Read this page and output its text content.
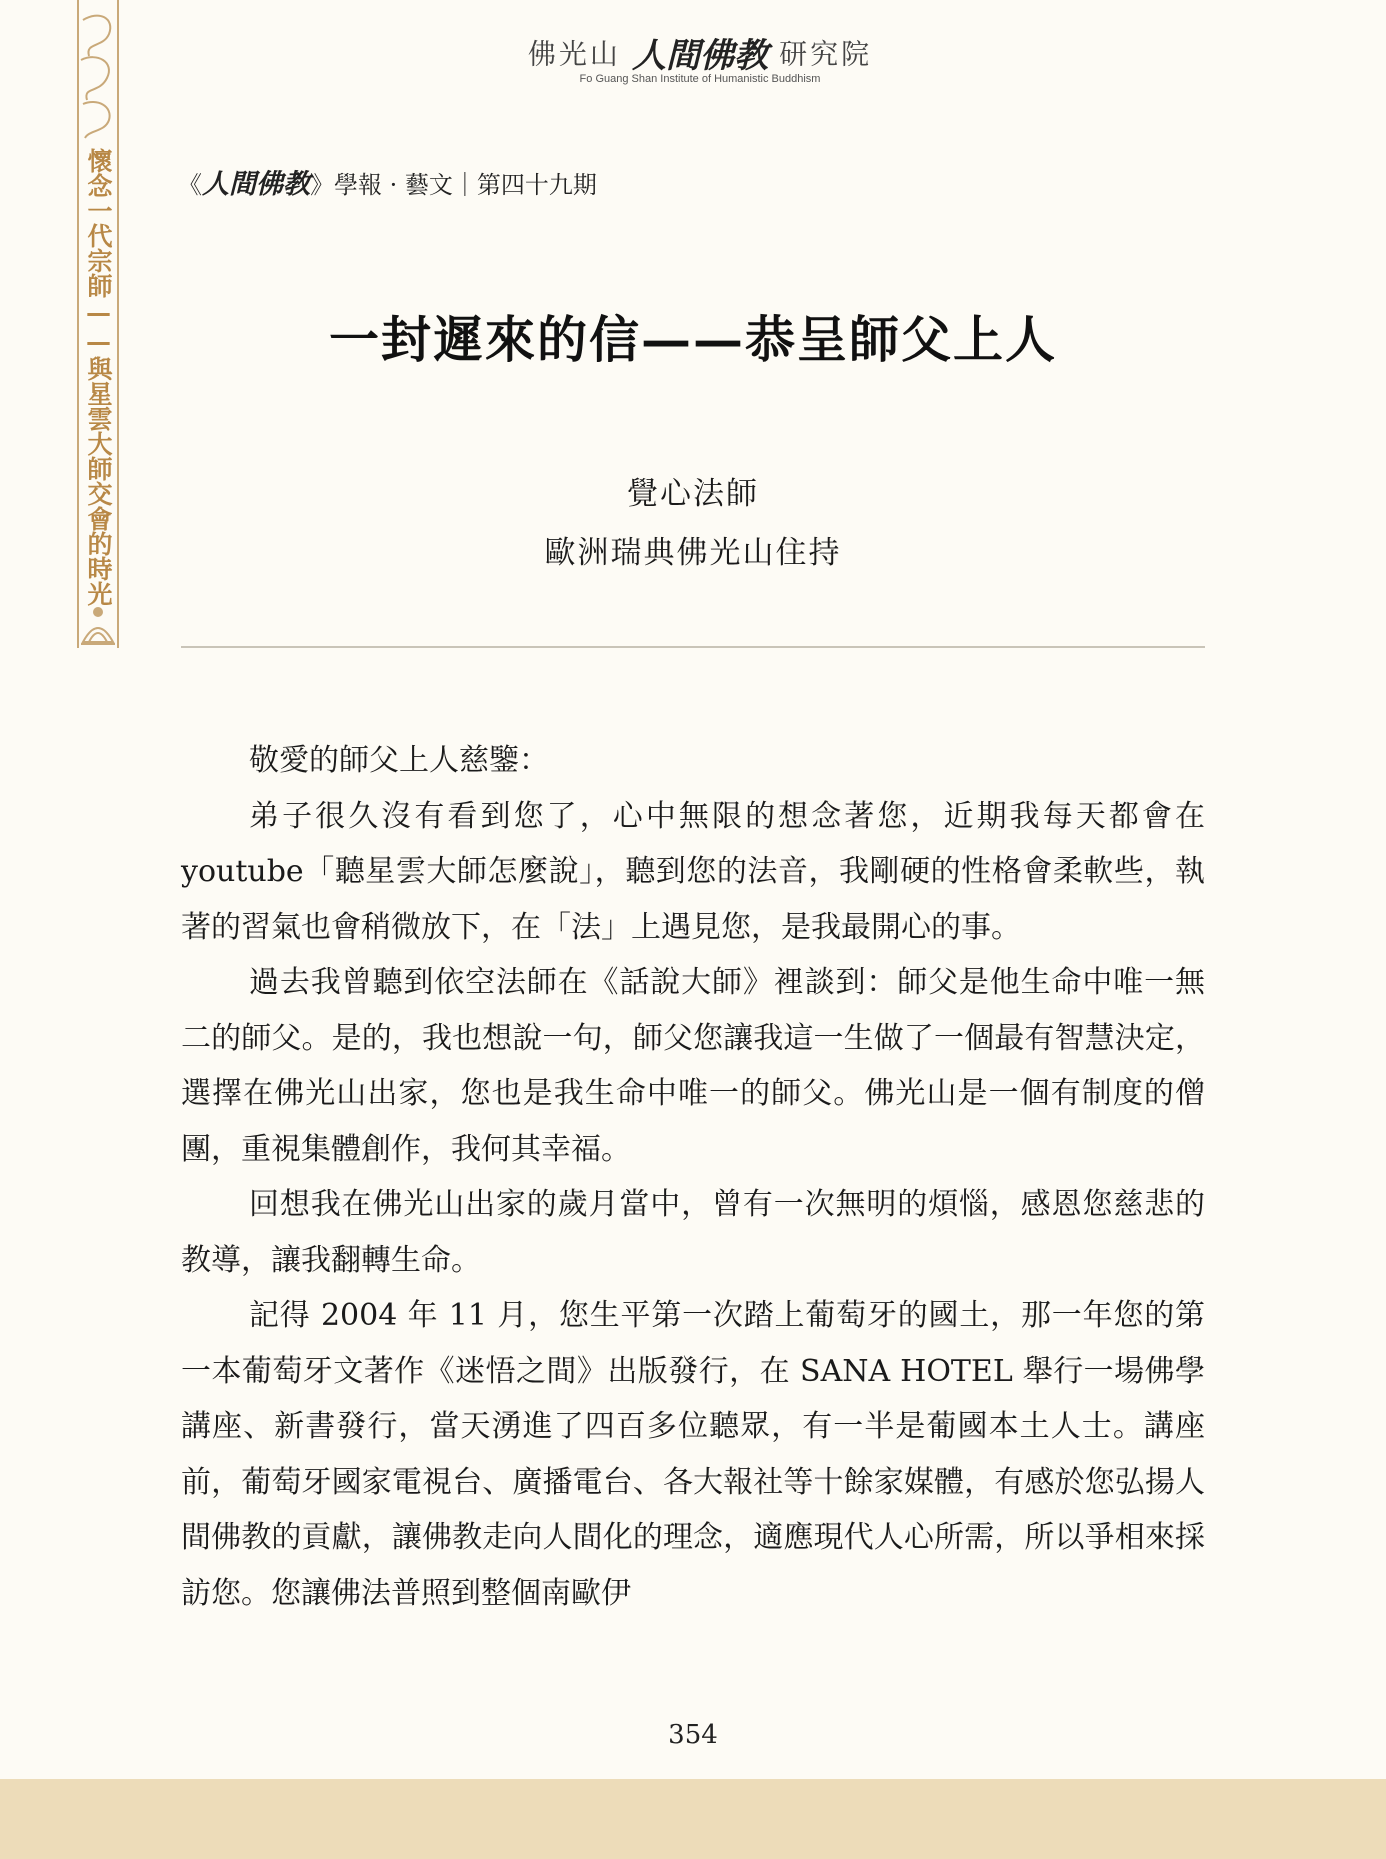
懷念一代宗師——與星雲大師交會的時光
佛光山 人間佛教 研究院
Fo Guang Shan Institute of Humanistic Buddhism
《人間佛教》學報 · 藝文｜第四十九期
一封遲來的信——恭呈師父上人
覺心法師
歐洲瑞典佛光山住持

敬愛的師父上人慈鑒：

弟子很久沒有看到您了，心中無限的想念著您，近期我每天都會在 youtube「聽星雲大師怎麼說」，聽到您的法音，我剛硬的性格會柔軟些，執著的習氣也會稍微放下，在「法」上遇見您，是我最開心的事。

過去我曾聽到依空法師在《話說大師》裡談到：師父是他生命中唯一無二的師父。是的，我也想說一句，師父您讓我這一生做了一個最有智慧決定，選擇在佛光山出家，您也是我生命中唯一的師父。佛光山是一個有制度的僧團，重視集體創作，我何其幸福。

回想我在佛光山出家的歲月當中，曾有一次無明的煩惱，感恩您慈悲的教導，讓我翻轉生命。

記得 2004 年 11 月，您生平第一次踏上葡萄牙的國土，那一年您的第一本葡萄牙文著作《迷悟之間》出版發行，在 SANA HOTEL 舉行一場佛學講座、新書發行，當天湧進了四百多位聽眾，有一半是葡國本土人士。講座前，葡萄牙國家電視台、廣播電台、各大報社等十餘家媒體，有感於您弘揚人間佛教的貢獻，讓佛教走向人間化的理念，適應現代人心所需，所以爭相來採訪您。您讓佛法普照到整個南歐伊

354
